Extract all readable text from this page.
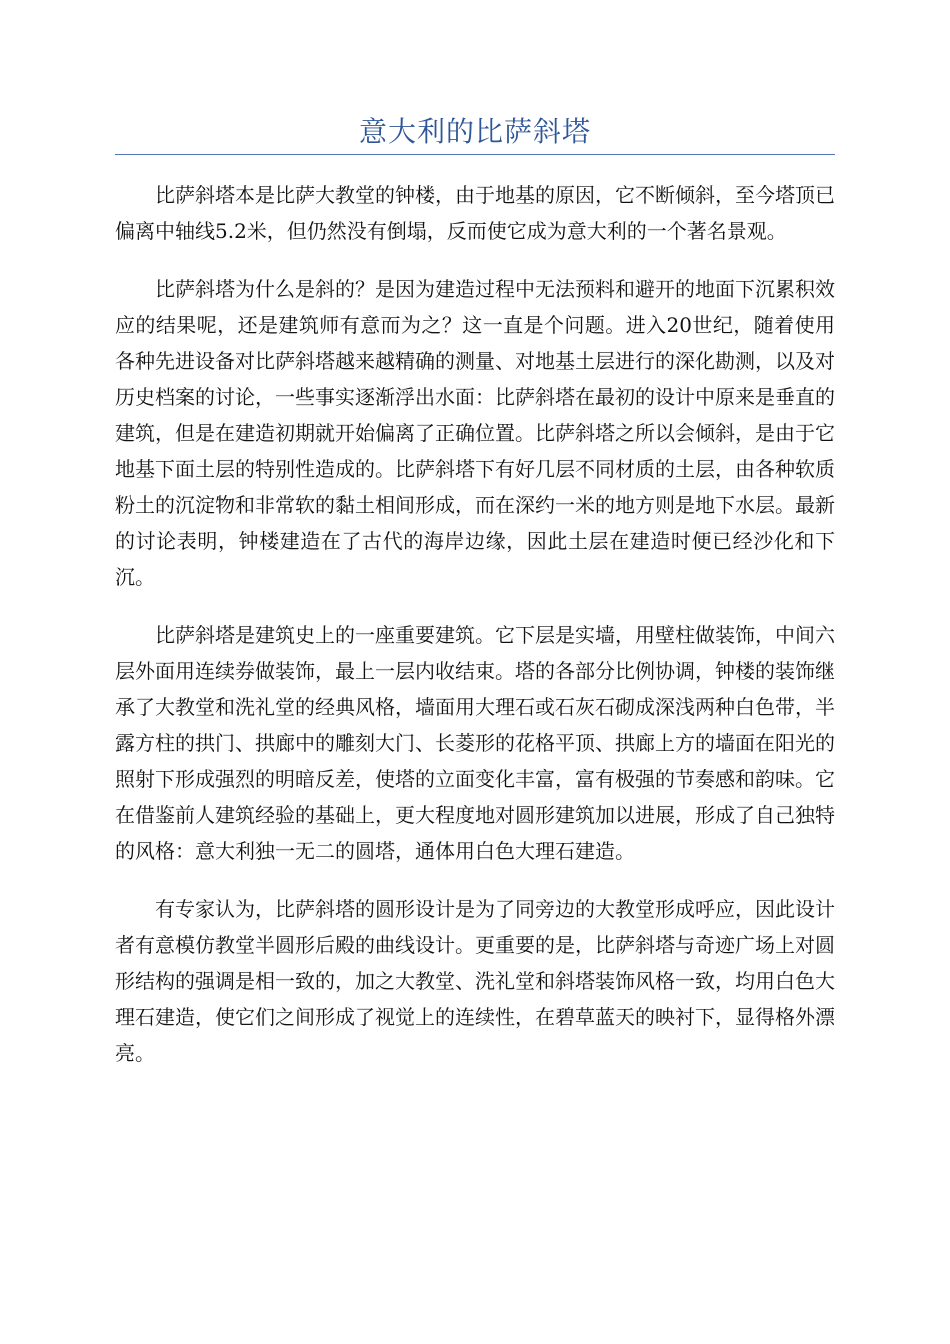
意大利的比萨斜塔

比萨斜塔本是比萨大教堂的钟楼，由于地基的原因，它不断倾斜，至今塔顶已偏离中轴线5.2米，但仍然没有倒塌，反而使它成为意大利的一个著名景观。

比萨斜塔为什么是斜的？是因为建造过程中无法预料和避开的地面下沉累积效应的结果呢，还是建筑师有意而为之？这一直是个问题。进入20世纪，随着使用各种先进设备对比萨斜塔越来越精确的测量、对地基土层进行的深化勘测，以及对历史档案的讨论，一些事实逐渐浮出水面：比萨斜塔在最初的设计中原来是垂直的建筑，但是在建造初期就开始偏离了正确位置。比萨斜塔之所以会倾斜，是由于它地基下面土层的特别性造成的。比萨斜塔下有好几层不同材质的土层，由各种软质粉土的沉淀物和非常软的黏土相间形成，而在深约一米的地方则是地下水层。最新的讨论表明，钟楼建造在了古代的海岸边缘，因此土层在建造时便已经沙化和下沉。

比萨斜塔是建筑史上的一座重要建筑。它下层是实墙，用壁柱做装饰，中间六层外面用连续券做装饰，最上一层内收结束。塔的各部分比例协调，钟楼的装饰继承了大教堂和洗礼堂的经典风格，墙面用大理石或石灰石砌成深浅两种白色带，半露方柱的拱门、拱廊中的雕刻大门、长菱形的花格平顶、拱廊上方的墙面在阳光的照射下形成强烈的明暗反差，使塔的立面变化丰富，富有极强的节奏感和韵味。它在借鉴前人建筑经验的基础上，更大程度地对圆形建筑加以进展，形成了自己独特的风格：意大利独一无二的圆塔，通体用白色大理石建造。

有专家认为，比萨斜塔的圆形设计是为了同旁边的大教堂形成呼应，因此设计者有意模仿教堂半圆形后殿的曲线设计。更重要的是，比萨斜塔与奇迹广场上对圆形结构的强调是相一致的，加之大教堂、洗礼堂和斜塔装饰风格一致，均用白色大理石建造，使它们之间形成了视觉上的连续性，在碧草蓝天的映衬下，显得格外漂亮。
